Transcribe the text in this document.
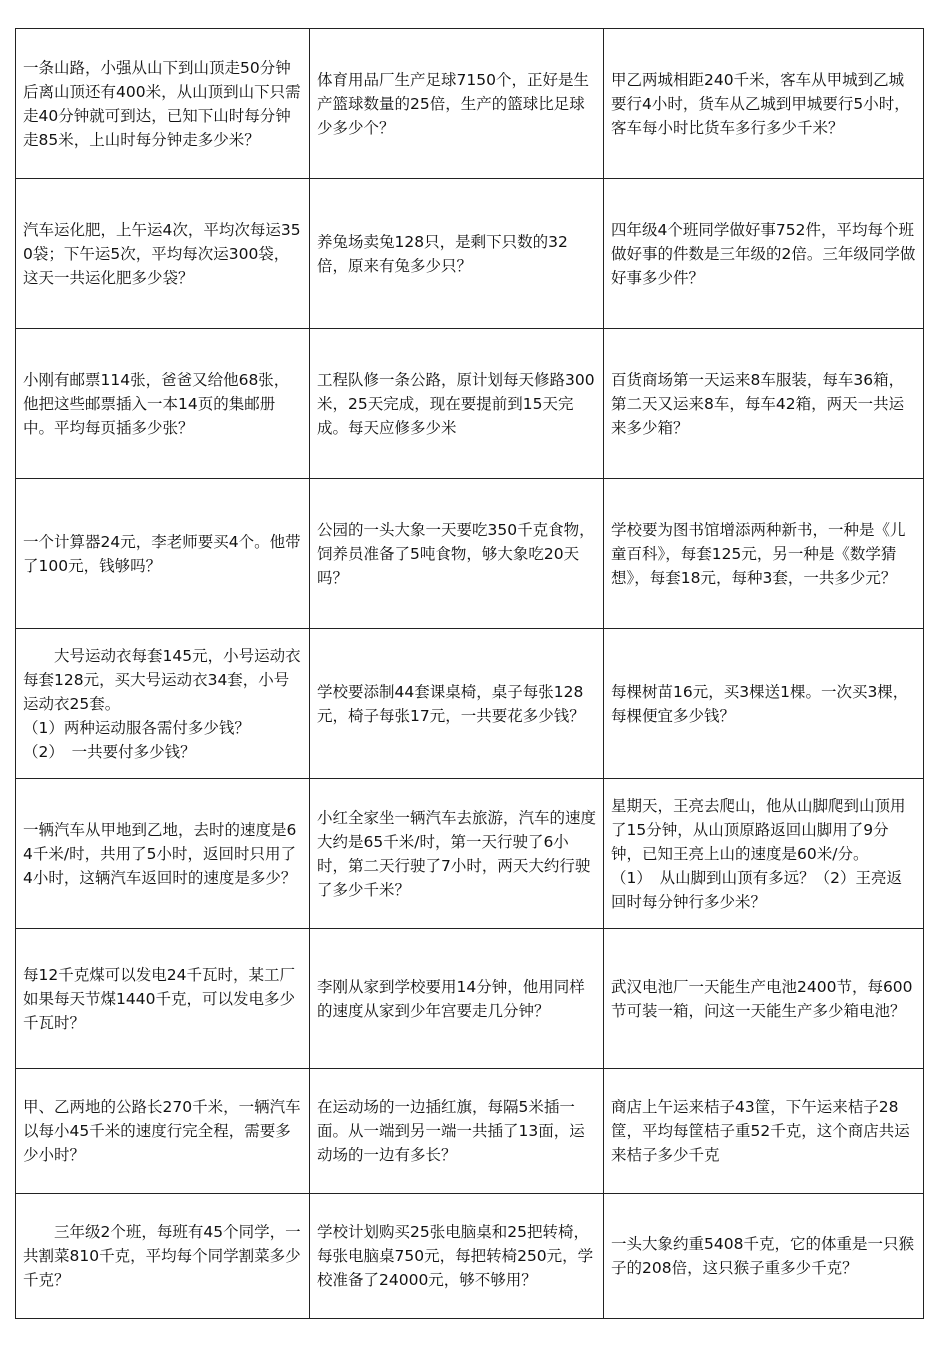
一条山路，小强从山下到山顶走50分钟后离山顶还有400米，从山顶到山下只需走40分钟就可到达，已知下山时每分钟走85米，上山时每分钟走多少米？	体育用品厂生产足球7150个，正好是生产篮球数量的25倍，生产的篮球比足球少多少个？	甲乙两城相距240千米，客车从甲城到乙城要行4小时，货车从乙城到甲城要行5小时，客车每小时比货车多行多少千米？

汽车运化肥，上午运4次，平均次每运350袋；下午运5次，平均每次运300袋，这天一共运化肥多少袋？	养兔场卖兔128只，是剩下只数的32倍，原来有兔多少只？	四年级4个班同学做好事752件，平均每个班做好事的件数是三年级的2倍。三年级同学做好事多少件？

小刚有邮票114张，爸爸又给他68张，他把这些邮票插入一本14页的集邮册中。平均每页插多少张？	工程队修一条公路，原计划每天修路300米，25天完成，现在要提前到15天完成。每天应修多少米	百货商场第一天运来8车服装，每车36箱，第二天又运来8车，每车42箱，两天一共运来多少箱？

一个计算器24元，李老师要买4个。他带了100元，钱够吗？	公园的一头大象一天要吃350千克食物，饲养员准备了5吨食物，够大象吃20天吗？	学校要为图书馆增添两种新书，一种是《儿童百科》，每套125元，另一种是《数学猜想》，每套18元，每种3套，一共多少元？

　　大号运动衣每套145元，小号运动衣每套128元，买大号运动衣34套，小号运动衣25套。
（1）两种运动服各需付多少钱？
（2）　一共要付多少钱？	学校要添制44套课桌椅，桌子每张128元，椅子每张17元，一共要花多少钱？	每棵树苗16元，买3棵送1棵。一次买3棵，每棵便宜多少钱？

一辆汽车从甲地到乙地，去时的速度是64千米/时，共用了5小时，返回时只用了4小时，这辆汽车返回时的速度是多少？	小红全家坐一辆汽车去旅游，汽车的速度大约是65千米/时，第一天行驶了6小时，第二天行驶了7小时，两天大约行驶了多少千米？	星期天，王亮去爬山，他从山脚爬到山顶用了15分钟，从山顶原路返回山脚用了9分钟，已知王亮上山的速度是60米/分。
（1）　从山脚到山顶有多远？（2）王亮返回时每分钟行多少米？

每12千克煤可以发电24千瓦时，某工厂如果每天节煤1440千克，可以发电多少千瓦时？	李刚从家到学校要用14分钟，他用同样的速度从家到少年宫要走几分钟？	武汉电池厂一天能生产电池2400节，每600节可装一箱，问这一天能生产多少箱电池？

甲、乙两地的公路长270千米，一辆汽车以每小45千米的速度行完全程，需要多少小时？	在运动场的一边插红旗，每隔5米插一面。从一端到另一端一共插了13面，运动场的一边有多长？	商店上午运来桔子43筐，下午运来桔子28筐，平均每筐桔子重52千克，这个商店共运来桔子多少千克

　　三年级2个班，每班有45个同学，一共割菜810千克，平均每个同学割菜多少千克？	学校计划购买25张电脑桌和25把转椅，每张电脑桌750元，每把转椅250元，学校准备了24000元，够不够用？	一头大象约重5408千克，它的体重是一只猴子的208倍，这只猴子重多少千克？
